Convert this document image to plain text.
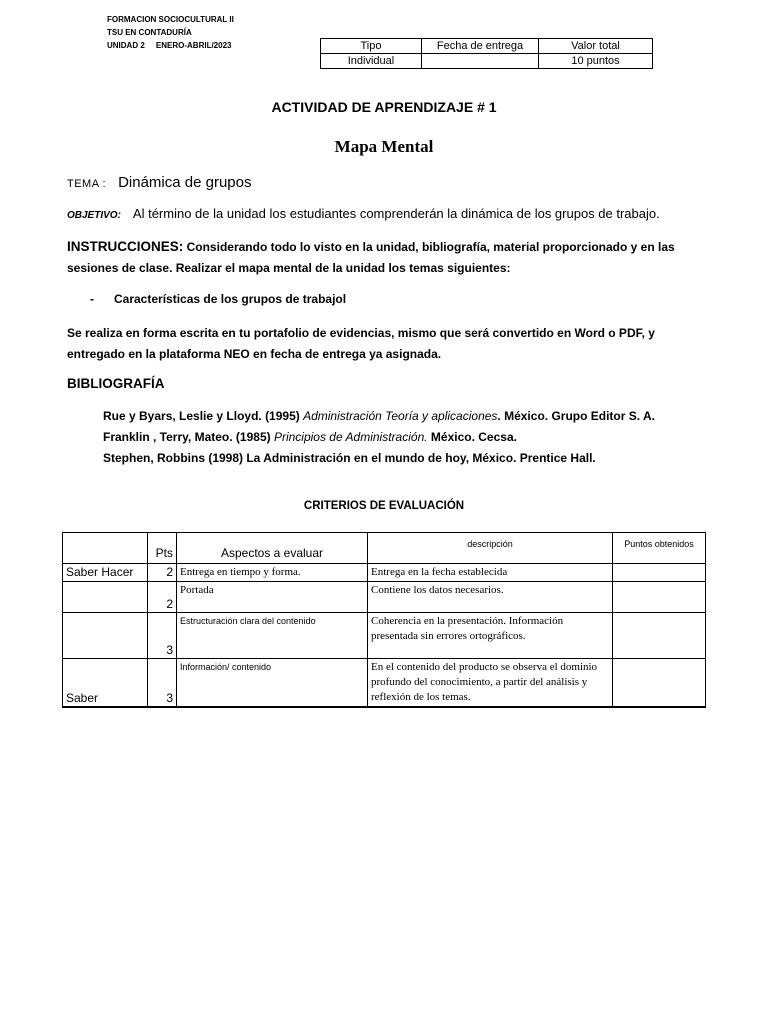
FORMACION SOCIOCULTURAL II
TSU EN CONTADURÍA
UNIDAD 2     ENERO-ABRIL/2023	Tipo	Fecha de entrega	Valor total
Individual		10 puntos
ACTIVIDAD DE APRENDIZAJE # 1
Mapa Mental
TEMA : Dinámica de grupos
OBJETIVO: Al término de la unidad los estudiantes comprenderán la dinámica de los grupos de trabajo.
INSTRUCCIONES: Considerando todo lo visto en la unidad, bibliografía, material proporcionado y en las sesiones de clase. Realizar el mapa mental de la unidad los temas siguientes:
- Características de los grupos de trabajol
Se realiza en forma escrita en tu portafolio de evidencias, mismo que será convertido en Word o PDF, y entregado en la plataforma NEO en fecha de entrega ya asignada.
BIBLIOGRAFÍA
Rue y Byars, Leslie y Lloyd. (1995) Administración Teoría y aplicaciones. México. Grupo Editor S. A.
Franklin , Terry, Mateo. (1985) Principios de Administración. México. Cecsa.
Stephen, Robbins (1998) La Administración en el mundo de hoy, México. Prentice Hall.
CRITERIOS DE EVALUACIÓN
	Pts	Aspectos a evaluar	descripción	Puntos obtenidos
Saber Hacer	2	Entrega en tiempo y forma.	Entrega en la fecha establecida	
	2	Portada	Contiene los datos necesarios.	
	3	Estructuración clara del contenido	Coherencia en la presentación. Información presentada sin errores ortográficos.	
Saber	3	Información/ contenido	En el contenido del producto se observa el dominio profundo del conocimiento, a partir del análisis y reflexión de los temas.	
